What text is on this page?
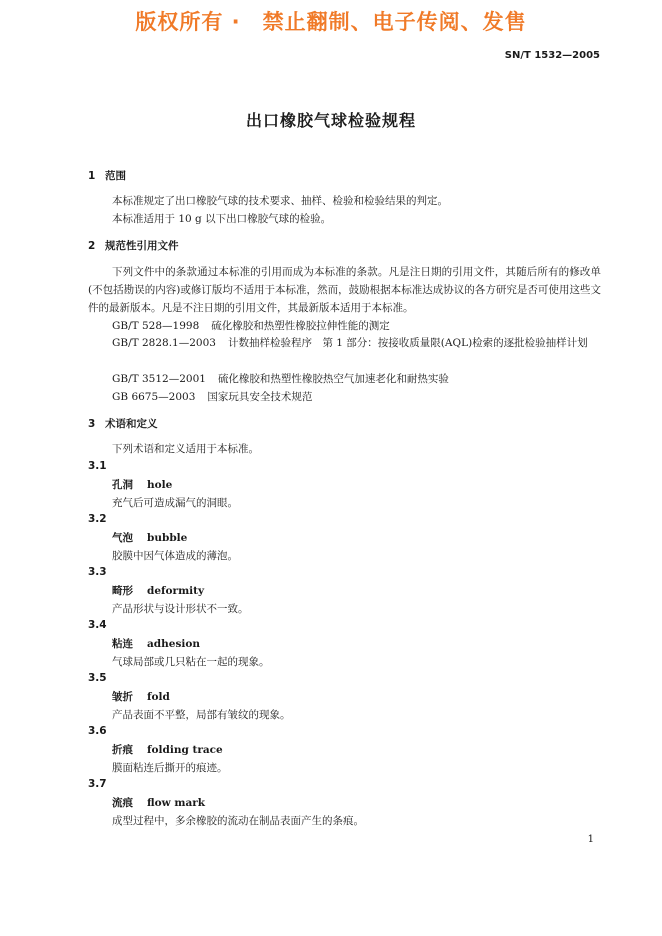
版权所有 ·　禁止翻制、电子传阅、发售
SN/T 1532—2005
出口橡胶气球检验规程
1 范围
本标准规定了出口橡胶气球的技术要求、抽样、检验和检验结果的判定。
本标准适用于 10 g 以下出口橡胶气球的检验。
2 规范性引用文件
下列文件中的条款通过本标准的引用而成为本标准的条款。凡是注日期的引用文件，其随后所有的修改单(不包括勘误的内容)或修订版均不适用于本标准，然而，鼓励根据本标准达成协议的各方研究是否可使用这些文件的最新版本。凡是不注日期的引用文件，其最新版本适用于本标准。
GB/T 528—1998 硫化橡胶和热塑性橡胶拉伸性能的测定
GB/T 2828.1—2003 计数抽样检验程序　第 1 部分：按接收质量限(AQL)检索的逐批检验抽样计划
GB/T 3512—2001 硫化橡胶和热塑性橡胶热空气加速老化和耐热实验
GB 6675—2003 国家玩具安全技术规范
3 术语和定义
下列术语和定义适用于本标准。
3.1
孔洞 hole
充气后可造成漏气的洞眼。
3.2
气泡 bubble
胶膜中因气体造成的薄泡。
3.3
畸形 deformity
产品形状与设计形状不一致。
3.4
粘连 adhesion
气球局部或几只粘在一起的现象。
3.5
皱折 fold
产品表面不平整，局部有皱纹的现象。
3.6
折痕 folding trace
膜面粘连后撕开的痕迹。
3.7
流痕 flow mark
成型过程中，多余橡胶的流动在制品表面产生的条痕。
1
